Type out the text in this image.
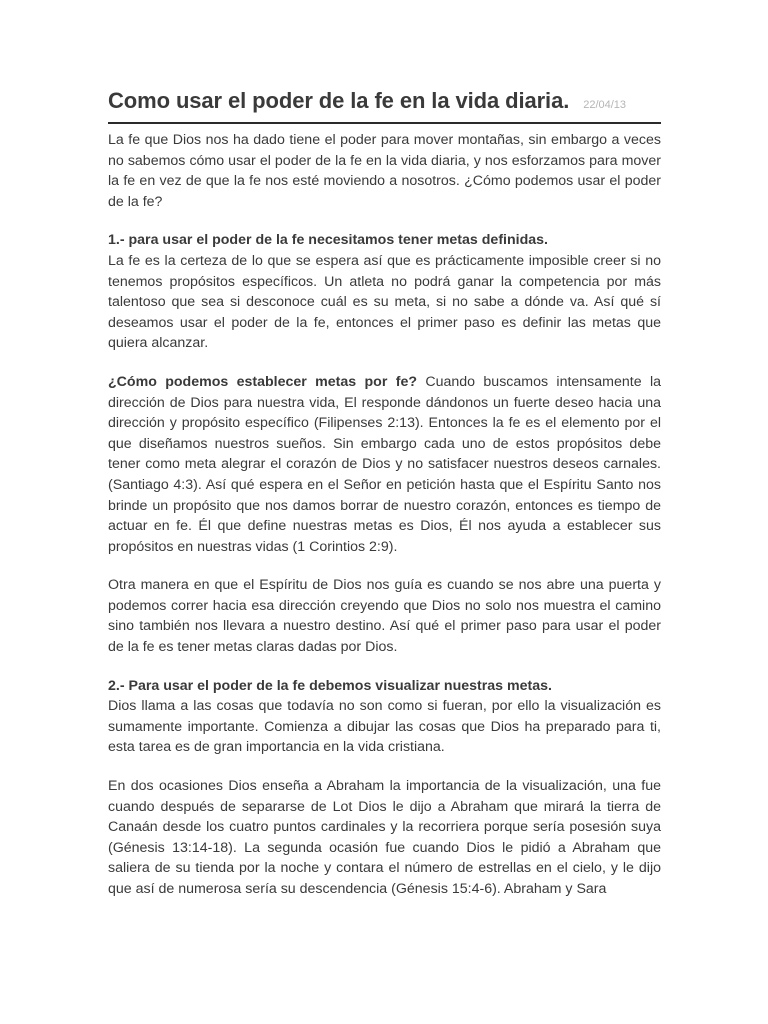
Como usar el poder de la fe en la vida diaria. 22/04/13

La fe que Dios nos ha dado tiene el poder para mover montañas, sin embargo a veces no sabemos cómo usar el poder de la fe en la vida diaria, y nos esforzamos para mover la fe en vez de que la fe nos esté moviendo a nosotros. ¿Cómo podemos usar el poder de la fe?

1.- para usar el poder de la fe necesitamos tener metas definidas.
La fe es la certeza de lo que se espera así que es prácticamente imposible creer si no tenemos propósitos específicos. Un atleta no podrá ganar la competencia por más talentoso que sea si desconoce cuál es su meta, si no sabe a dónde va. Así qué sí deseamos usar el poder de la fe, entonces el primer paso es definir las metas que quiera alcanzar.

¿Cómo podemos establecer metas por fe? Cuando buscamos intensamente la dirección de Dios para nuestra vida, El responde dándonos un fuerte deseo hacia una dirección y propósito específico (Filipenses 2:13). Entonces la fe es el elemento por el que diseñamos nuestros sueños. Sin embargo cada uno de estos propósitos debe tener como meta alegrar el corazón de Dios y no satisfacer nuestros deseos carnales. (Santiago 4:3). Así qué espera en el Señor en petición hasta que el Espíritu Santo nos brinde un propósito que nos damos borrar de nuestro corazón, entonces es tiempo de actuar en fe. Él que define nuestras metas es Dios, Él nos ayuda a establecer sus propósitos en nuestras vidas (1 Corintios 2:9).

Otra manera en que el Espíritu de Dios nos guía es cuando se nos abre una puerta y podemos correr hacia esa dirección creyendo que Dios no solo nos muestra el camino sino también nos llevara a nuestro destino. Así qué el primer paso para usar el poder de la fe es tener metas claras dadas por Dios.

2.- Para usar el poder de la fe debemos visualizar nuestras metas.
Dios llama a las cosas que todavía no son como si fueran, por ello la visualización es sumamente importante. Comienza a dibujar las cosas que Dios ha preparado para ti, esta tarea es de gran importancia en la vida cristiana.

En dos ocasiones Dios enseña a Abraham la importancia de la visualización, una fue cuando después de separarse de Lot Dios le dijo a Abraham que mirará la tierra de Canaán desde los cuatro puntos cardinales y la recorriera porque sería posesión suya (Génesis 13:14-18). La segunda ocasión fue cuando Dios le pidió a Abraham que saliera de su tienda por la noche y contara el número de estrellas en el cielo, y le dijo que así de numerosa sería su descendencia (Génesis 15:4-6). Abraham y Sara
